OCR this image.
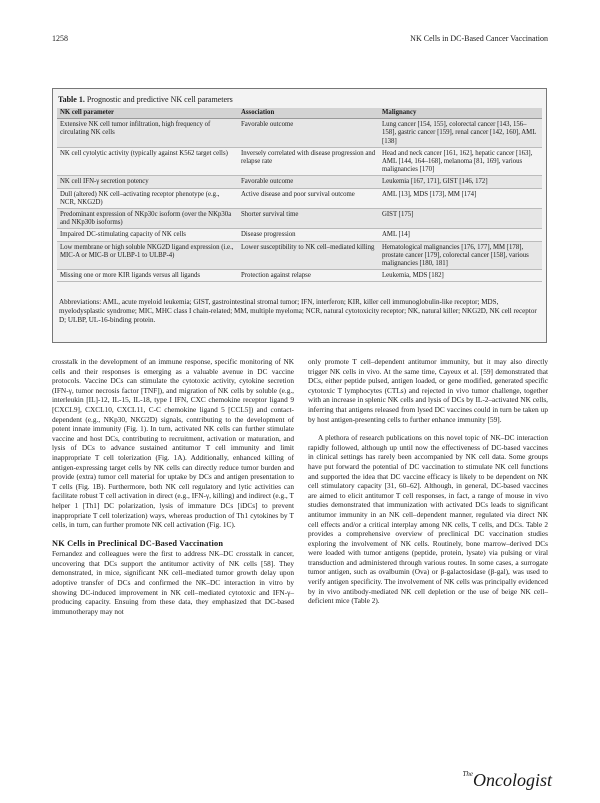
1258	NK Cells in DC-Based Cancer Vaccination
Table 1. Prognostic and predictive NK cell parameters
NK cell parameter	Association	Malignancy
Extensive NK cell tumor infiltration, high frequency of circulating NK cells	Favorable outcome	Lung cancer [154, 155], colorectal cancer [143, 156–158], gastric cancer [159], renal cancer [142, 160], AML [138]
NK cell cytolytic activity (typically against K562 target cells)	Inversely correlated with disease progression and relapse rate	Head and neck cancer [161, 162], hepatic cancer [163], AML [144, 164–168], melanoma [81, 169], various malignancies [170]
NK cell IFN-γ secretion potency	Favorable outcome	Leukemia [167, 171], GIST [146, 172]
Dull (altered) NK cell–activating receptor phenotype (e.g., NCR, NKG2D)	Active disease and poor survival outcome	AML [13], MDS [173], MM [174]
Predominant expression of NKp30c isoform (over the NKp30a and NKp30b isoforms)	Shorter survival time	GIST [175]
Impaired DC-stimulating capacity of NK cells	Disease progression	AML [14]
Low membrane or high soluble NKG2D ligand expression (i.e., MIC-A or MIC-B or ULBP-1 to ULBP-4)	Lower susceptibility to NK cell–mediated killing	Hematological malignancies [176, 177], MM [178], prostate cancer [179], colorectal cancer [158], various malignancies [180, 181]
Missing one or more KIR ligands versus all ligands	Protection against relapse	Leukemia, MDS [182]
Abbreviations: AML, acute myeloid leukemia; GIST, gastrointestinal stromal tumor; IFN, interferon; KIR, killer cell immunoglobulin-like receptor; MDS, myelodysplastic syndrome; MIC, MHC class I chain-related; MM, multiple myeloma; NCR, natural cytotoxicity receptor; NK, natural killer; NKG2D, NK cell receptor D; ULBP, UL-16-binding protein.

crosstalk in the development of an immune response, specific monitoring of NK cells and their responses is emerging as a valuable avenue in DC vaccine protocols. Vaccine DCs can stimulate the cytotoxic activity, cytokine secretion (IFN-γ, tumor necrosis factor [TNF]), and migration of NK cells by soluble (e.g., interleukin [IL]-12, IL-15, IL-18, type I IFN, CXC chemokine receptor ligand 9 [CXCL9], CXCL10, CXCL11, C-C chemokine ligand 5 [CCL5]) and contact-dependent (e.g., NKp30, NKG2D) signals, contributing to the development of potent innate immunity (Fig. 1). In turn, activated NK cells can further stimulate vaccine and host DCs, contributing to recruitment, activation or maturation, and lysis of DCs to advance sustained antitumor T cell immunity and limit inappropriate T cell tolerization (Fig. 1A). Additionally, enhanced killing of antigen-expressing target cells by NK cells can directly reduce tumor burden and provide (extra) tumor cell material for uptake by DCs and antigen presentation to T cells (Fig. 1B). Furthermore, both NK cell regulatory and lytic activities can facilitate robust T cell activation in direct (e.g., IFN-γ, killing) and indirect (e.g., T helper 1 [Th1] DC polarization, lysis of immature DCs [iDCs] to prevent inappropriate T cell tolerization) ways, whereas production of Th1 cytokines by T cells, in turn, can further promote NK cell activation (Fig. 1C).

NK Cells in Preclinical DC-Based Vaccination

Fernandez and colleagues were the first to address NK–DC crosstalk in cancer, uncovering that DCs support the antitumor activity of NK cells [58]. They demonstrated, in mice, significant NK cell–mediated tumor growth delay upon adoptive transfer of DCs and confirmed the NK–DC interaction in vitro by showing DC-induced improvement in NK cell–mediated cytotoxic and IFN-γ–producing capacity. Ensuing from these data, they emphasized that DC-based immunotherapy may not

only promote T cell–dependent antitumor immunity, but it may also directly trigger NK cells in vivo. At the same time, Cayeux et al. [59] demonstrated that DCs, either peptide pulsed, antigen loaded, or gene modified, generated specific cytotoxic T lymphocytes (CTLs) and rejected in vivo tumor challenge, together with an increase in splenic NK cells and lysis of DCs by IL-2–activated NK cells, inferring that antigens released from lysed DC vaccines could in turn be taken up by host antigen-presenting cells to further enhance immunity [59].

A plethora of research publications on this novel topic of NK–DC interaction rapidly followed, although up until now the effectiveness of DC-based vaccines in clinical settings has rarely been accompanied by NK cell data. Some groups have put forward the potential of DC vaccination to stimulate NK cell functions and supported the idea that DC vaccine efficacy is likely to be dependent on NK cell stimulatory capacity [31, 60–62]. Although, in general, DC-based vaccines are aimed to elicit antitumor T cell responses, in fact, a range of mouse in vivo studies demonstrated that immunization with activated DCs leads to significant antitumor immunity in an NK cell–dependent manner, regulated via direct NK cell effects and/or a critical interplay among NK cells, T cells, and DCs. Table 2 provides a comprehensive overview of preclinical DC vaccination studies exploring the involvement of NK cells. Routinely, bone marrow–derived DCs were loaded with tumor antigens (peptide, protein, lysate) via pulsing or viral transduction and administered through various routes. In some cases, a surrogate tumor antigen, such as ovalbumin (Ova) or β-galactosidase (β-gal), was used to verify antigen specificity. The involvement of NK cells was principally evidenced by in vivo antibody-mediated NK cell depletion or the use of beige NK cell–deficient mice (Table 2).

$^{The}$Oncologist
